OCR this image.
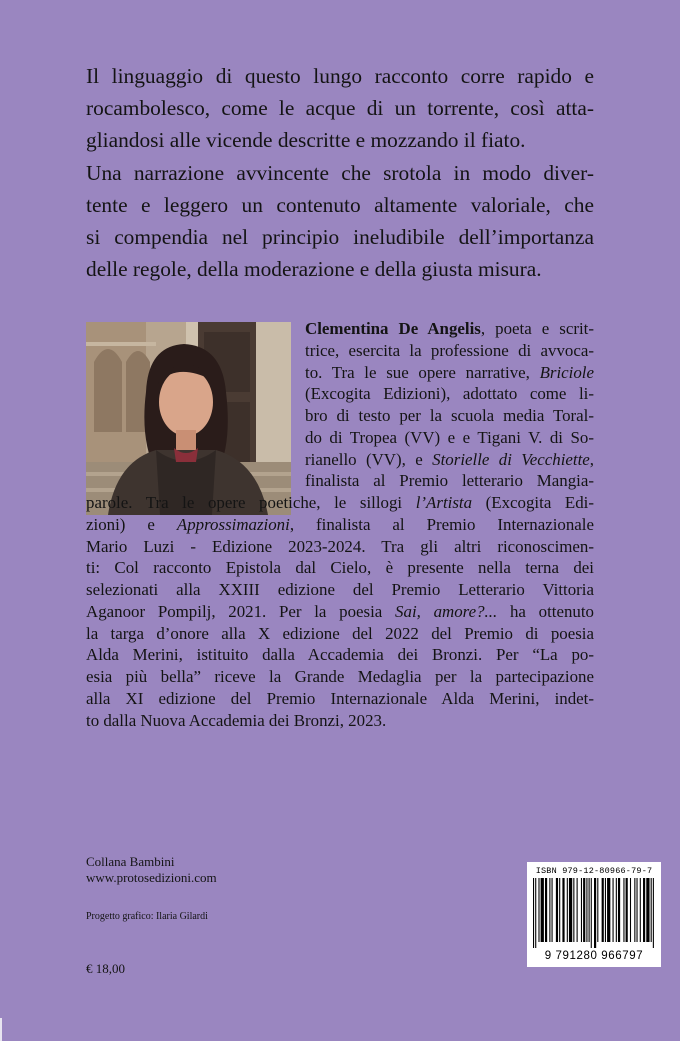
Il linguaggio di questo lungo racconto corre rapido e
rocambolesco, come le acque di un torrente, così atta-
gliandosi alle vicende descritte e mozzando il fiato.
Una narrazione avvincente che srotola in modo diver-
tente e leggero un contenuto altamente valoriale, che
si compendia nel principio ineludibile dell’importanza
delle regole, della moderazione e della giusta misura.

Clementina De Angelis, poeta e scrit-
trice, esercita la professione di avvoca-
to. Tra le sue opere narrative, Briciole
(Excogita Edizioni), adottato come li-
bro di testo per la scuola media Toral-
do di Tropea (VV) e e Tigani V. di So-
rianello (VV), e Storielle di Vecchiette,
finalista al Premio letterario Mangia-
parole. Tra le opere poetiche, le sillogi l’Artista (Excogita Edi-
zioni) e Approssimazioni, finalista al Premio Internazionale
Mario Luzi - Edizione 2023-2024. Tra gli altri riconoscimen-
ti: Col racconto Epistola dal Cielo, è presente nella terna dei
selezionati alla XXIII edizione del Premio Letterario Vittoria
Aganoor Pompilj, 2021. Per la poesia Sai, amore?... ha ottenuto
la targa d’onore alla X edizione del 2022 del Premio di poesia
Alda Merini, istituito dalla Accademia dei Bronzi. Per “La po-
esia più bella” riceve la Grande Medaglia per la partecipazione
alla XI edizione del Premio Internazionale Alda Merini, indet-
to dalla Nuova Accademia dei Bronzi, 2023.

Collana Bambini

www.protosedizioni.com

Progetto grafico: Ilaria Gilardi

€ 18,00

ISBN 979-12-80966-79-7
9 791280 966797
